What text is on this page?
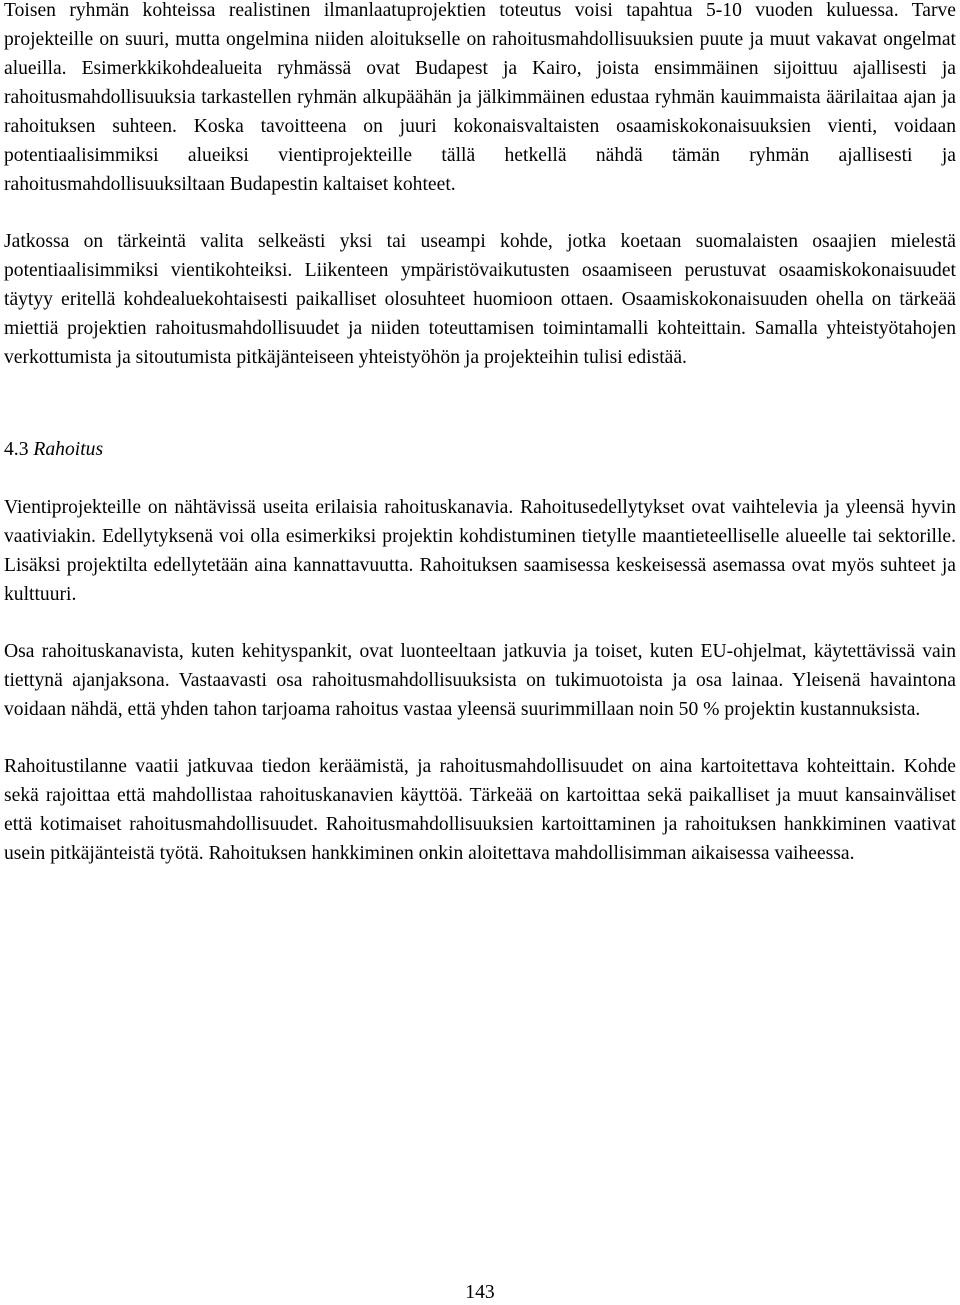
Toisen ryhmän kohteissa realistinen ilmanlaatuprojektien toteutus voisi tapahtua 5-10 vuoden kuluessa. Tarve projekteille on suuri, mutta ongelmina niiden aloitukselle on rahoitusmahdollisuuksien puute ja muut vakavat ongelmat alueilla. Esimerkkikohdealueita ryhmässä ovat Budapest ja Kairo, joista ensimmäinen sijoittuu ajallisesti ja rahoitusmahdollisuuksia tarkastellen ryhmän alkupäähän ja jälkimmäinen edustaa ryhmän kauimmaista äärilaitaa ajan ja rahoituksen suhteen. Koska tavoitteena on juuri kokonaisvaltaisten osaamiskokonaisuuksien vienti, voidaan potentiaalisimmiksi alueiksi vientiprojekteille tällä hetkellä nähdä tämän ryhmän ajallisesti ja rahoitusmahdollisuuksiltaan Budapestin kaltaiset kohteet.

Jatkossa on tärkeintä valita selkeästi yksi tai useampi kohde, jotka koetaan suomalaisten osaajien mielestä potentiaalisimmiksi vientikohteiksi. Liikenteen ympäristövaikutusten osaamiseen perustuvat osaamiskokonaisuudet täytyy eritellä kohdealuekohtaisesti paikalliset olosuhteet huomioon ottaen. Osaamiskokonaisuuden ohella on tärkeää miettiä projektien rahoitusmahdollisuudet ja niiden toteuttamisen toimintamalli kohteittain. Samalla yhteistyötahojen verkottumista ja sitoutumista pitkäjänteiseen yhteistyöhön ja projekteihin tulisi edistää.

4.3 Rahoitus

Vientiprojekteille on nähtävissä useita erilaisia rahoituskanavia. Rahoitusedellytykset ovat vaihtelevia ja yleensä hyvin vaativiakin. Edellytyksenä voi olla esimerkiksi projektin kohdistuminen tietylle maantieteelliselle alueelle tai sektorille. Lisäksi projektilta edellytetään aina kannattavuutta. Rahoituksen saamisessa keskeisessä asemassa ovat myös suhteet ja kulttuuri.

Osa rahoituskanavista, kuten kehityspankit, ovat luonteeltaan jatkuvia ja toiset, kuten EU-ohjelmat, käytettävissä vain tiettynä ajanjaksona. Vastaavasti osa rahoitusmahdollisuuksista on tukimuotoista ja osa lainaa. Yleisenä havaintona voidaan nähdä, että yhden tahon tarjoama rahoitus vastaa yleensä suurimmillaan noin 50 % projektin kustannuksista.

Rahoitustilanne vaatii jatkuvaa tiedon keräämistä, ja rahoitusmahdollisuudet on aina kartoitettava kohteittain. Kohde sekä rajoittaa että mahdollistaa rahoituskanavien käyttöä. Tärkeää on kartoittaa sekä paikalliset ja muut kansainväliset että kotimaiset rahoitusmahdollisuudet. Rahoitusmahdollisuuksien kartoittaminen ja rahoituksen hankkiminen vaativat usein pitkäjänteistä työtä. Rahoituksen hankkiminen onkin aloitettava mahdollisimman aikaisessa vaiheessa.

143
